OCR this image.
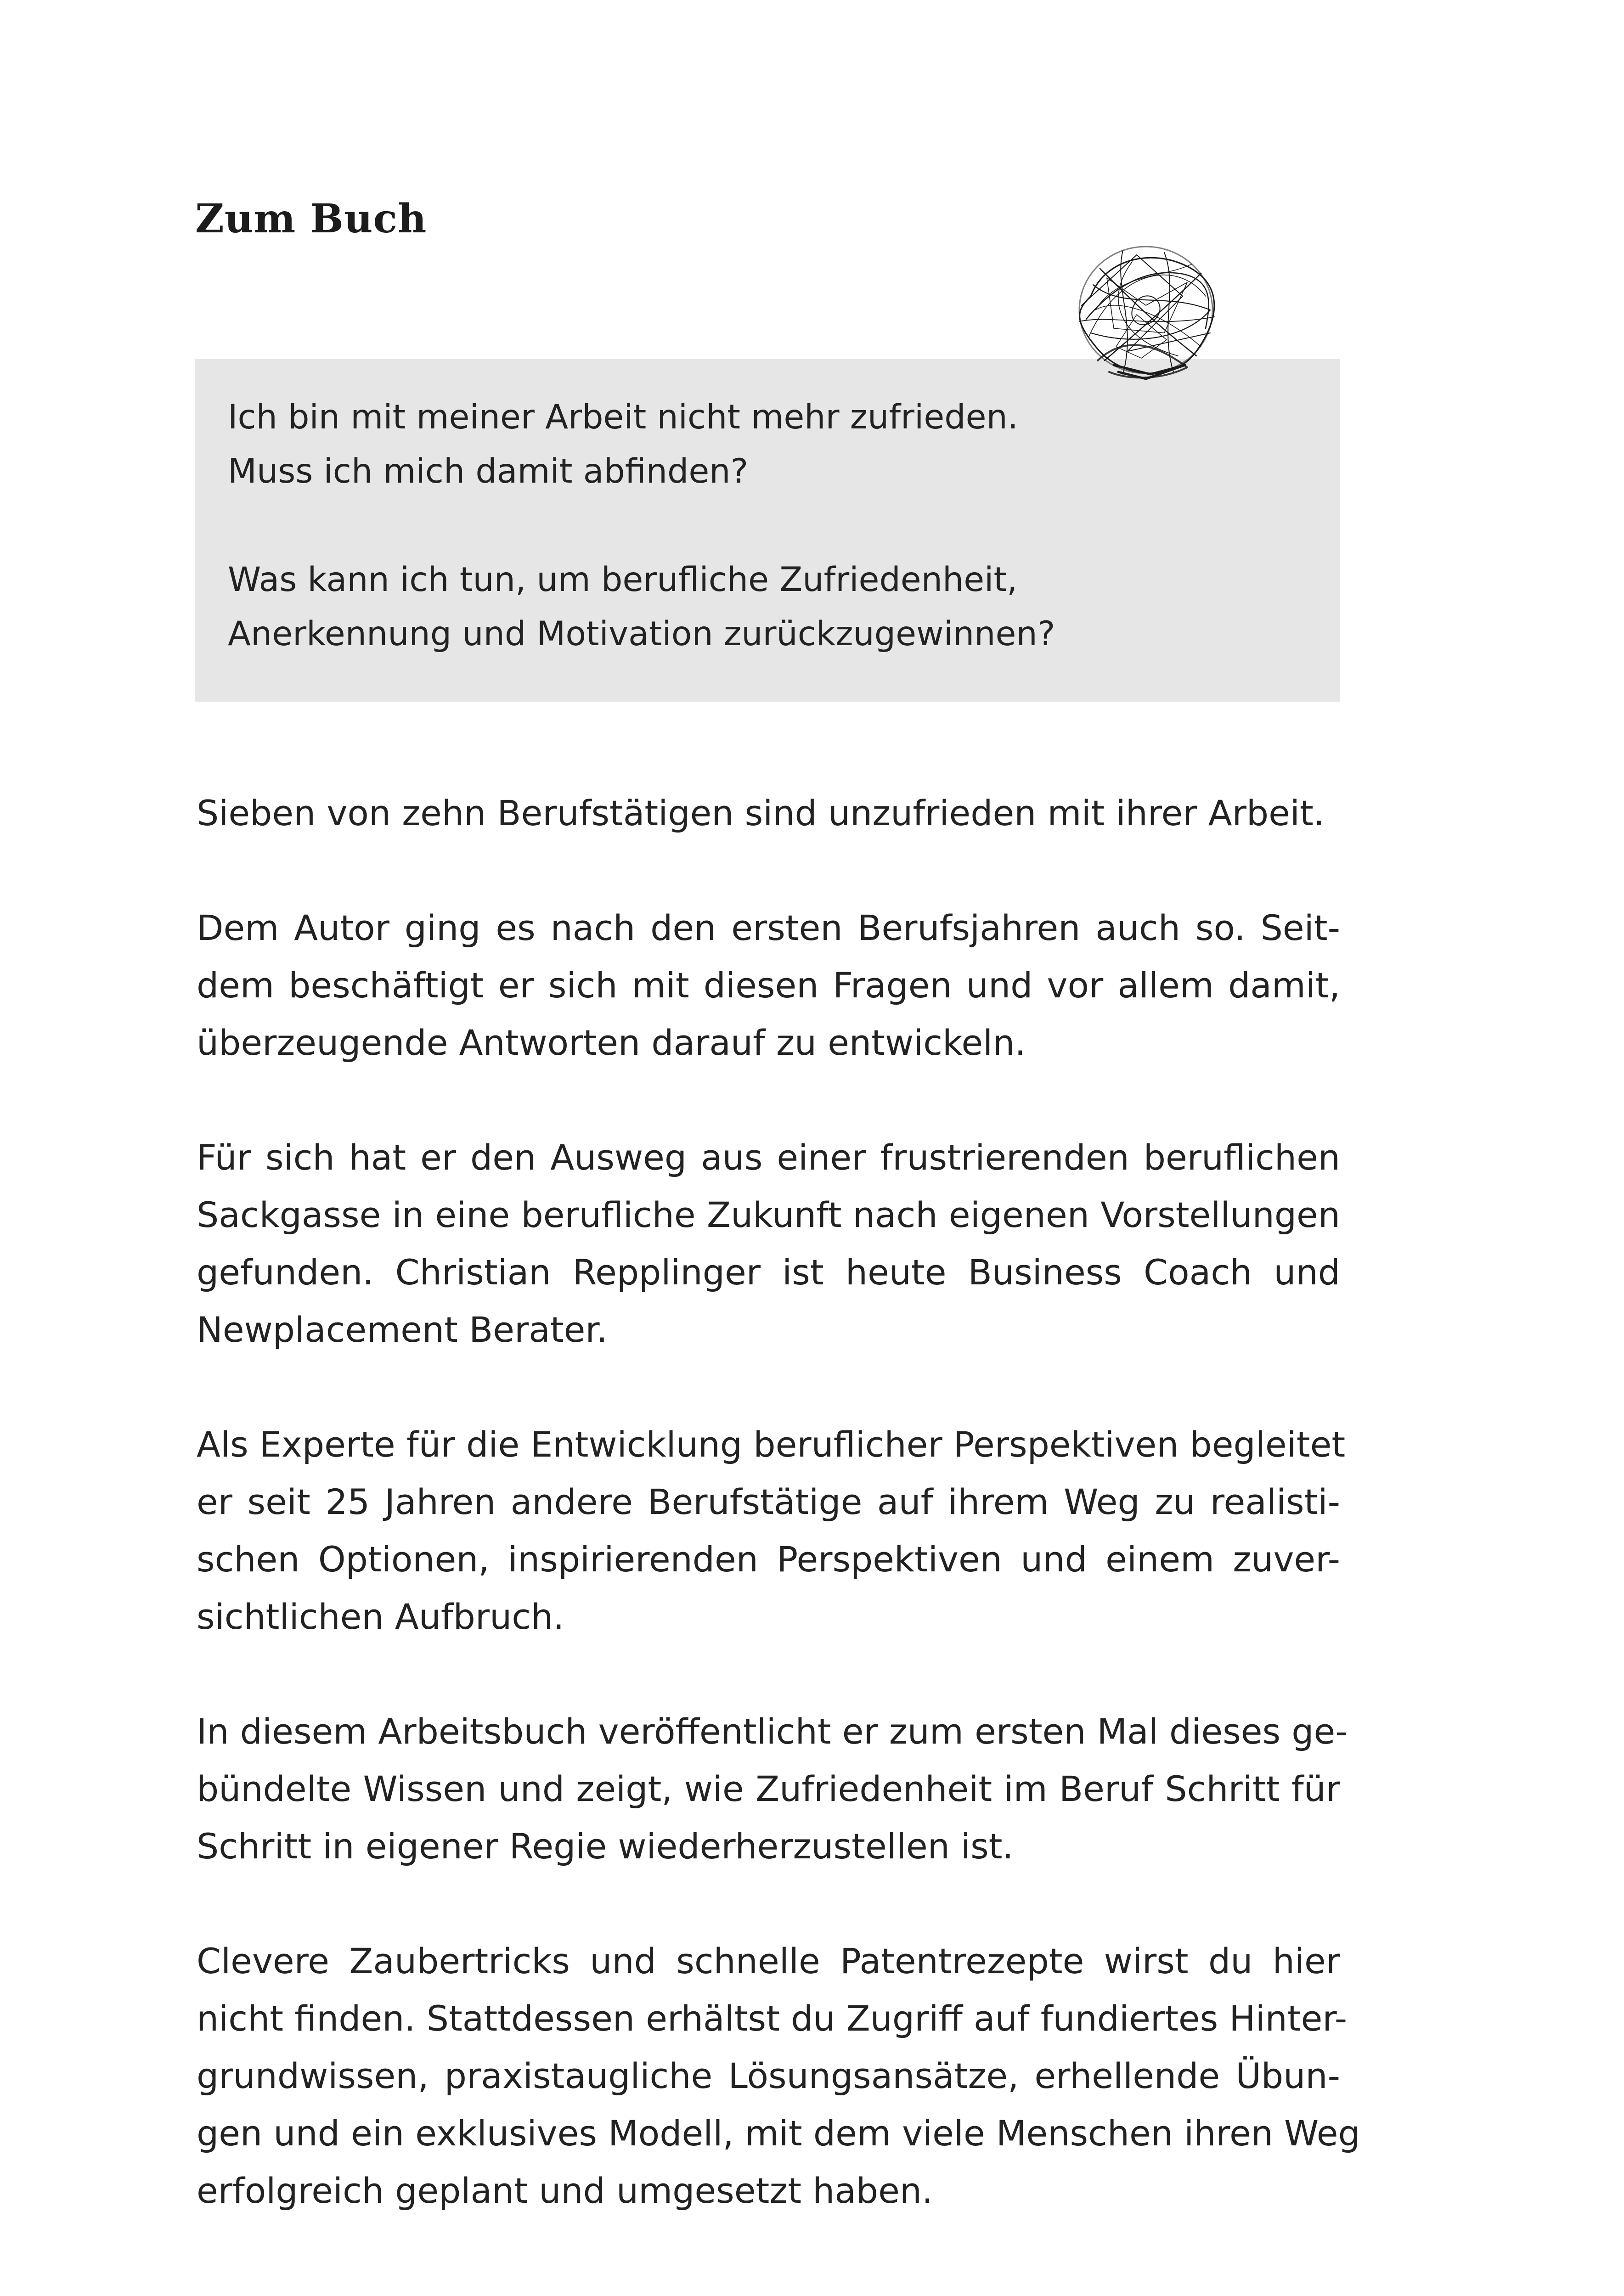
Zum Buch

Ich bin mit meiner Arbeit nicht mehr zufrieden.
Muss ich mich damit abfinden?

Was kann ich tun, um berufliche Zufriedenheit,
Anerkennung und Motivation zurückzugewinnen?

Sieben von zehn Berufstätigen sind unzufrieden mit ihrer Arbeit.

Dem Autor ging es nach den ersten Berufsjahren auch so. Seit-
dem beschäftigt er sich mit diesen Fragen und vor allem damit,
überzeugende Antworten darauf zu entwickeln.

Für sich hat er den Ausweg aus einer frustrierenden beruflichen
Sackgasse in eine berufliche Zukunft nach eigenen Vorstellungen
gefunden. Christian Repplinger ist heute Business Coach und
Newplacement Berater.

Als Experte für die Entwicklung beruflicher Perspektiven begleitet
er seit 25 Jahren andere Berufstätige auf ihrem Weg zu realisti-
schen Optionen, inspirierenden Perspektiven und einem zuver-
sichtlichen Aufbruch.

In diesem Arbeitsbuch veröffentlicht er zum ersten Mal dieses ge-
bündelte Wissen und zeigt, wie Zufriedenheit im Beruf Schritt für
Schritt in eigener Regie wiederherzustellen ist.

Clevere Zaubertricks und schnelle Patentrezepte wirst du hier
nicht finden. Stattdessen erhältst du Zugriff auf fundiertes Hinter-
grundwissen, praxistaugliche Lösungsansätze, erhellende Übun-
gen und ein exklusives Modell, mit dem viele Menschen ihren Weg
erfolgreich geplant und umgesetzt haben.
